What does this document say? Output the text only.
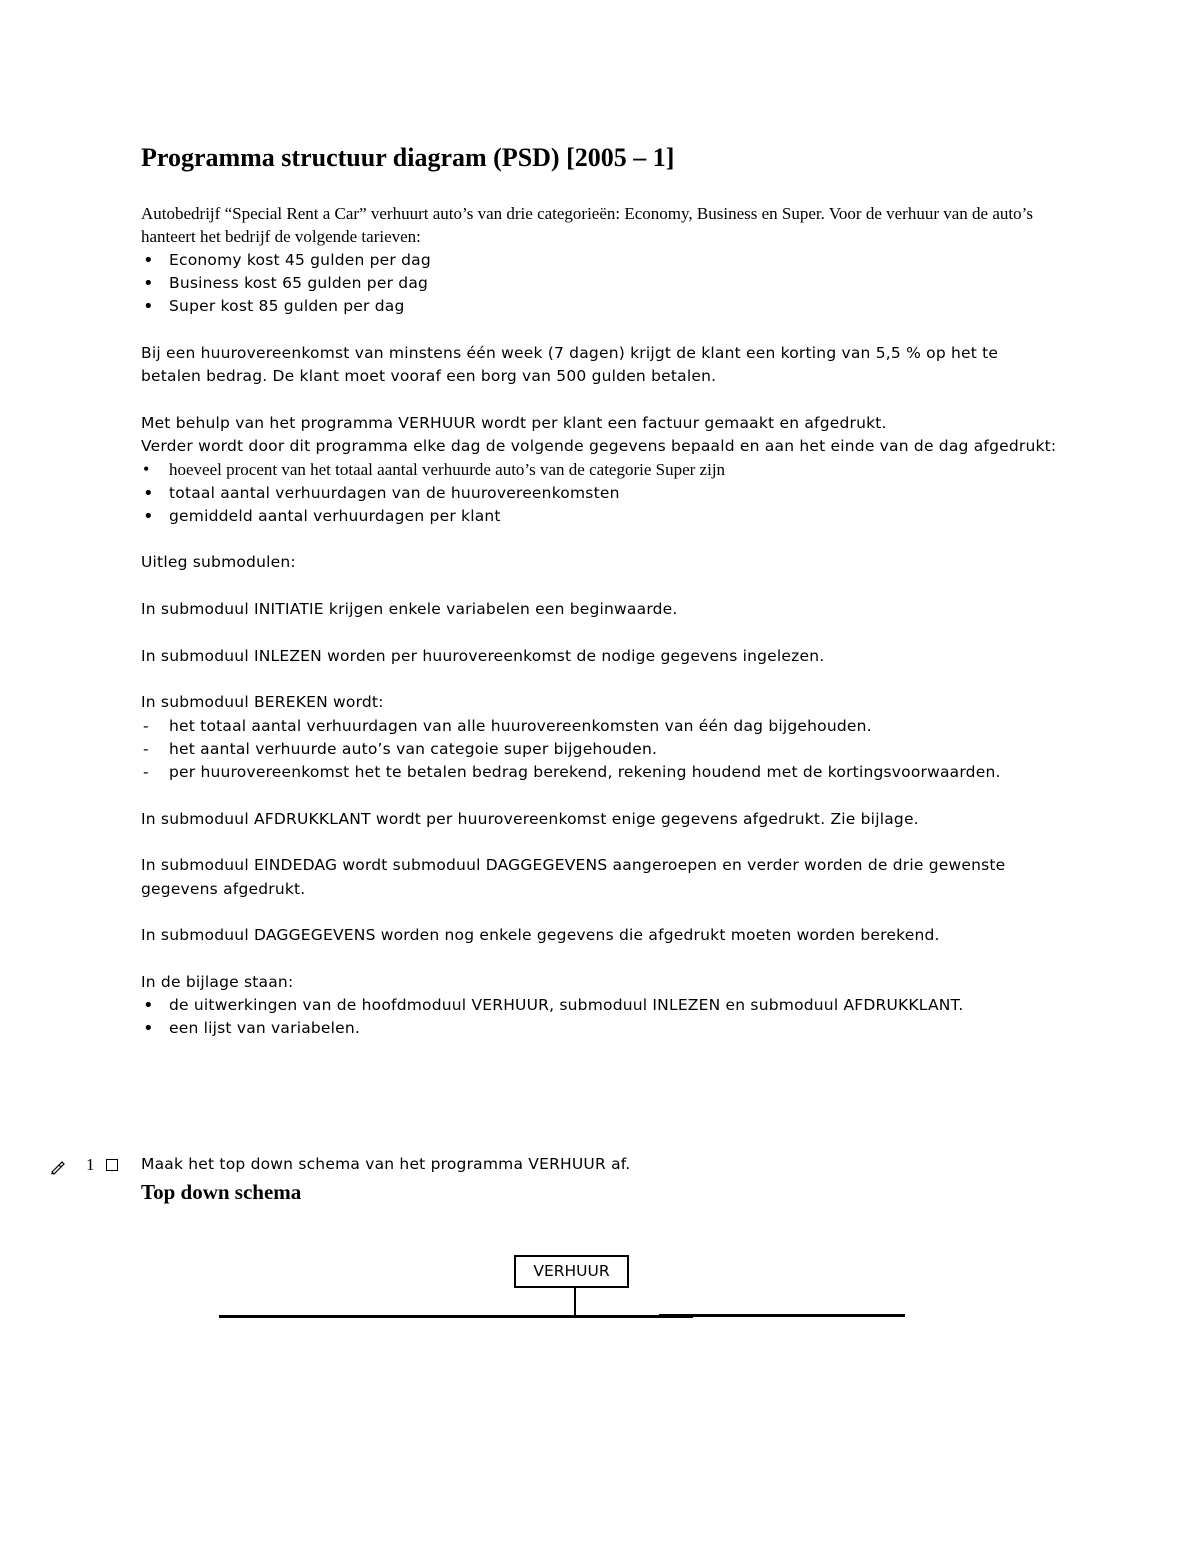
Programma structuur diagram (PSD) [2005 – 1]

Autobedrijf “Special Rent a Car” verhuurt auto’s van drie categorieën: Economy, Business en Super. Voor de verhuur van de auto’s hanteert het bedrijf de volgende tarieven:

• Economy kost 45 gulden per dag
• Business kost 65 gulden per dag
• Super kost 85 gulden per dag

Bij een huurovereenkomst van minstens één week (7 dagen) krijgt de klant een korting van 5,5 % op het te betalen bedrag. De klant moet vooraf een borg van 500 gulden betalen.

Met behulp van het programma VERHUUR wordt per klant een factuur gemaakt en afgedrukt.

Verder wordt door dit programma elke dag de volgende gegevens bepaald en aan het einde van de dag afgedrukt:

• hoeveel procent van het totaal aantal verhuurde auto’s van de categorie Super zijn
• totaal aantal verhuurdagen van de huurovereenkomsten
• gemiddeld aantal verhuurdagen per klant

Uitleg submodulen:

In submoduul INITIATIE krijgen enkele variabelen een beginwaarde.

In submoduul INLEZEN worden per huurovereenkomst de nodige gegevens ingelezen.

In submoduul BEREKEN wordt:

- het totaal aantal verhuurdagen van alle huurovereenkomsten van één dag bijgehouden.
- het aantal verhuurde auto’s van categoie super bijgehouden.
- per huurovereenkomst het te betalen bedrag berekend, rekening houdend met de kortingsvoorwaarden.

In submoduul AFDRUKKLANT wordt per huurovereenkomst enige gegevens afgedrukt. Zie bijlage.

In submoduul EINDEDAG wordt submoduul DAGGEGEVENS aangeroepen en verder worden de drie gewenste gegevens afgedrukt.

In submoduul DAGGEGEVENS worden nog enkele gegevens die afgedrukt moeten worden berekend.

In de bijlage staan:

• de uitwerkingen van de hoofdmoduul VERHUUR, submoduul INLEZEN en submoduul AFDRUKKLANT.
• een lijst van variabelen.
1	Maak het top down schema van het programma VERHUUR af.
Top down schema
VERHUUR
